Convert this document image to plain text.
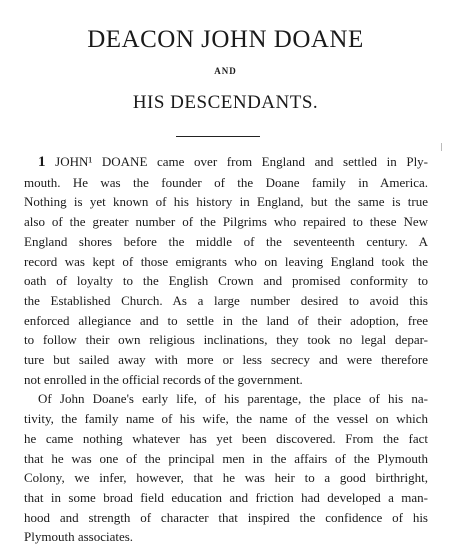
DEACON JOHN DOANE
AND
HIS DESCENDANTS.
1 JOHN¹ DOANE came over from England and settled in Ply-
mouth. He was the founder of the Doane family in America.
Nothing is yet known of his history in England, but the same is true
also of the greater number of the Pilgrims who repaired to these New
England shores before the middle of the seventeenth century. A
record was kept of those emigrants who on leaving England took the
oath of loyalty to the English Crown and promised conformity to
the Established Church. As a large number desired to avoid this
enforced allegiance and to settle in the land of their adoption, free
to follow their own religious inclinations, they took no legal depar-
ture but sailed away with more or less secrecy and were therefore
not enrolled in the official records of the government.
Of John Doane's early life, of his parentage, the place of his na-
tivity, the family name of his wife, the name of the vessel on which
he came nothing whatever has yet been discovered. From the fact
that he was one of the principal men in the affairs of the Plymouth
Colony, we infer, however, that he was heir to a good birthright,
that in some broad field education and friction had developed a man-
hood and strength of character that inspired the confidence of his
Plymouth associates.
